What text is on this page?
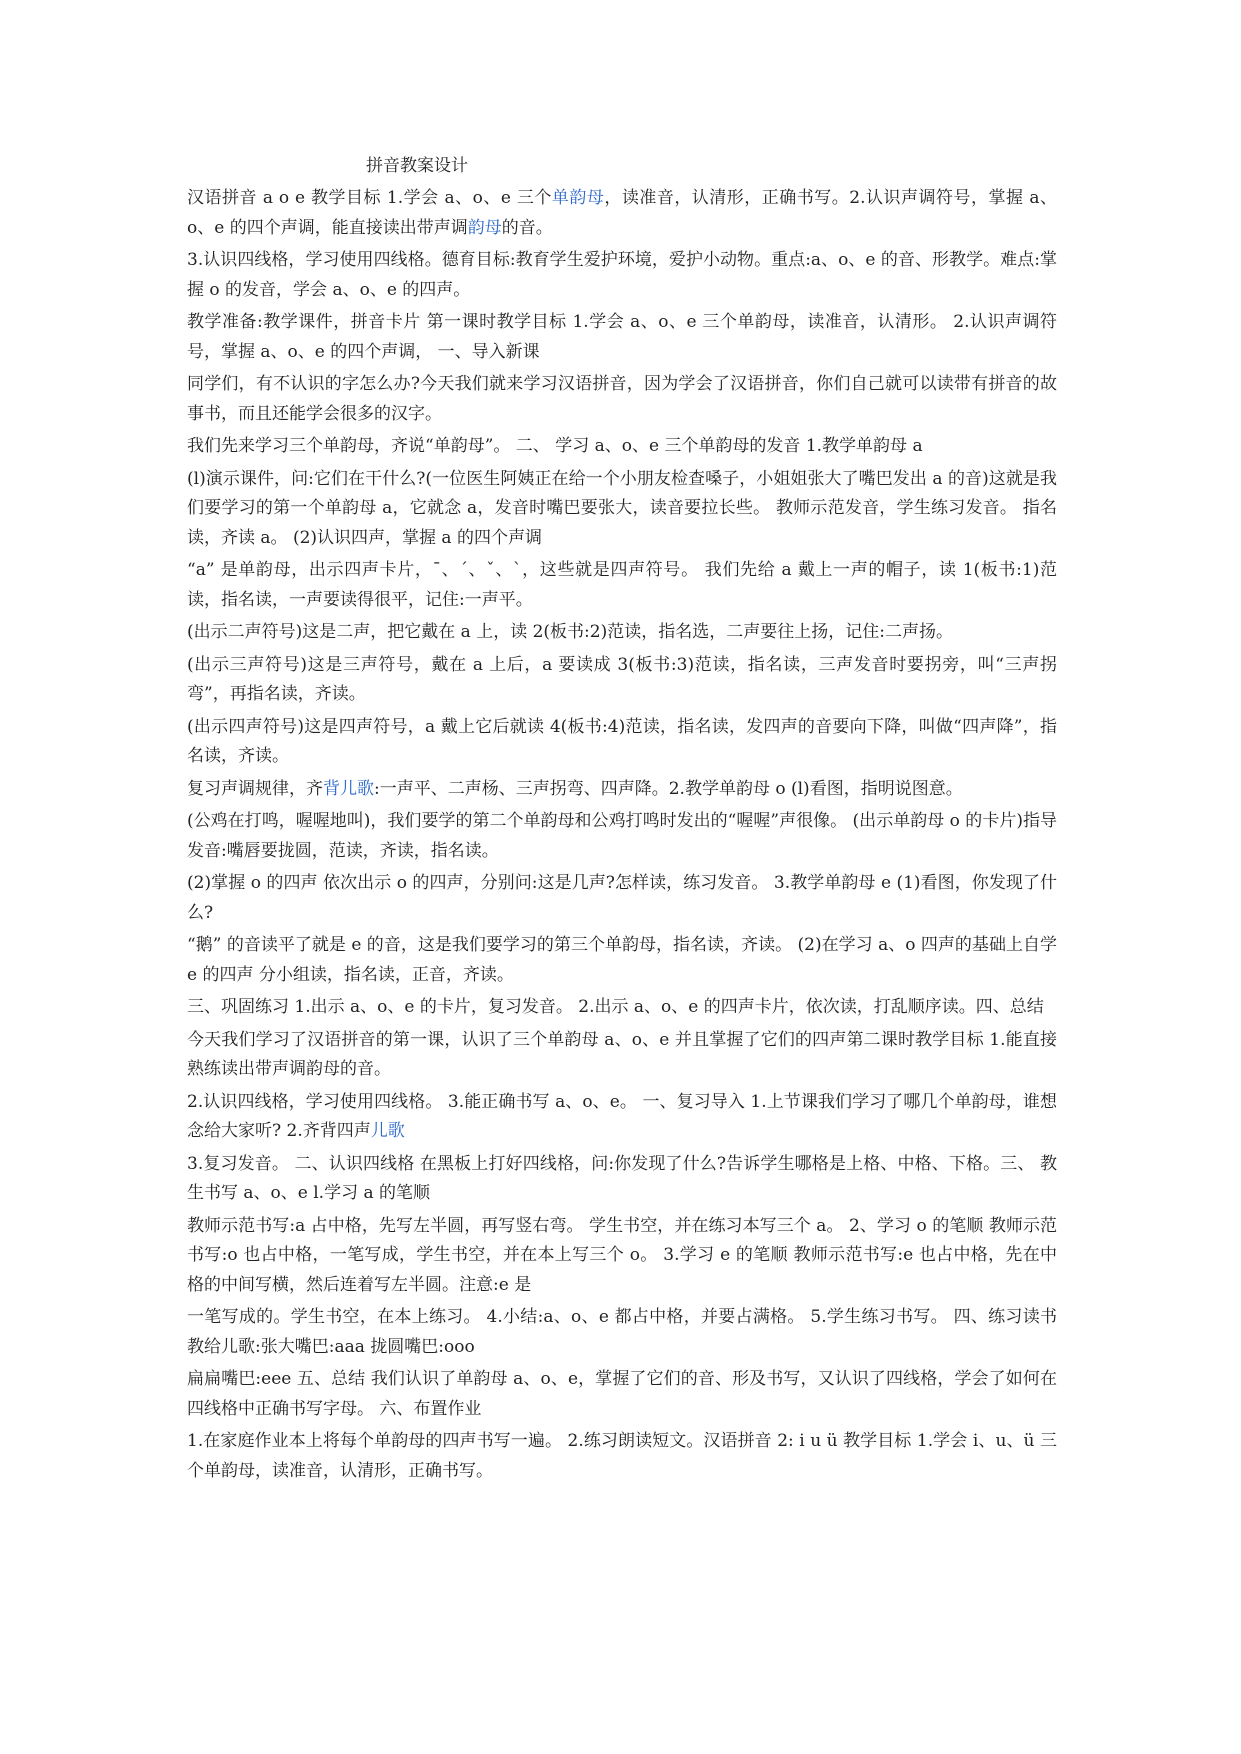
拼音教案设计

汉语拼音 a o e 教学目标 1.学会 a、o、e 三个单韵母，读准音，认清形，正确书写。2.认识声调符号，掌握 a、o、e 的四个声调，能直接读出带声调韵母的音。

3.认识四线格，学习使用四线格。德育目标:教育学生爱护环境，爱护小动物。重点:a、o、e 的音、形教学。难点:掌握 o 的发音，学会 a、o、e 的四声。

教学准备:教学课件，拼音卡片 第一课时教学目标 1.学会 a、o、e 三个单韵母，读准音，认清形。 2.认识声调符号，掌握 a、o、e 的四个声调， 一、导入新课

同学们，有不认识的字怎么办?今天我们就来学习汉语拼音，因为学会了汉语拼音，你们自己就可以读带有拼音的故事书，而且还能学会很多的汉字。

我们先来学习三个单韵母，齐说“单韵母”。 二、 学习 a、o、e 三个单韵母的发音 1.教学单韵母 a

(l)演示课件，问:它们在干什么?(一位医生阿姨正在给一个小朋友检查嗓子，小姐姐张大了嘴巴发出 a 的音)这就是我们要学习的第一个单韵母 a，它就念 a，发音时嘴巴要张大，读音要拉长些。 教师示范发音，学生练习发音。 指名读，齐读 a。 (2)认识四声，掌握 a 的四个声调

“a” 是单韵母，出示四声卡片，ˉ、ˊ、ˇ、ˋ，这些就是四声符号。 我们先给 a 戴上一声的帽子，读 1(板书:1)范读，指名读，一声要读得很平，记住:一声平。

(出示二声符号)这是二声，把它戴在 a 上，读 2(板书:2)范读，指名选，二声要往上扬，记住:二声扬。

(出示三声符号)这是三声符号，戴在 a 上后，a 要读成 3(板书:3)范读，指名读，三声发音时要拐旁，叫“三声拐弯”，再指名读，齐读。

(出示四声符号)这是四声符号，a 戴上它后就读 4(板书:4)范读，指名读，发四声的音要向下降，叫做“四声降”，指名读，齐读。

复习声调规律，齐背儿歌:一声平、二声杨、三声拐弯、四声降。2.教学单韵母 o (l)看图，指明说图意。

(公鸡在打鸣，喔喔地叫)，我们要学的第二个单韵母和公鸡打鸣时发出的“喔喔”声很像。 (出示单韵母 o 的卡片)指导发音:嘴唇要拢圆，范读，齐读，指名读。

(2)掌握 o 的四声 依次出示 o 的四声，分别问:这是几声?怎样读，练习发音。 3.教学单韵母 e (1)看图，你发现了什么?

“鹅” 的音读平了就是 e 的音，这是我们要学习的第三个单韵母，指名读，齐读。 (2)在学习 a、o 四声的基础上自学 e 的四声 分小组读，指名读，正音，齐读。

三、巩固练习 1.出示 a、o、e 的卡片，复习发音。 2.出示 a、o、e 的四声卡片，依次读，打乱顺序读。四、总结

今天我们学习了汉语拼音的第一课，认识了三个单韵母 a、o、e 并且掌握了它们的四声第二课时教学目标 1.能直接熟练读出带声调韵母的音。

2.认识四线格，学习使用四线格。 3.能正确书写 a、o、e。 一、复习导入 1.上节课我们学习了哪几个单韵母，谁想念给大家听? 2.齐背四声儿歌

3.复习发音。 二、认识四线格 在黑板上打好四线格，问:你发现了什么?告诉学生哪格是上格、中格、下格。三、 教生书写 a、o、e l.学习 a 的笔顺

教师示范书写:a 占中格，先写左半圆，再写竖右弯。 学生书空，并在练习本写三个 a。 2、学习 o 的笔顺 教师示范书写:o 也占中格，一笔写成，学生书空，并在本上写三个 o。 3.学习 e 的笔顺 教师示范书写:e 也占中格，先在中格的中间写横，然后连着写左半圆。注意:e 是

一笔写成的。学生书空，在本上练习。 4.小结:a、o、e 都占中格，并要占满格。 5.学生练习书写。 四、练习读书 教给儿歌:张大嘴巴:aaa 拢圆嘴巴:ooo

扁扁嘴巴:eee 五、总结 我们认识了单韵母 a、o、e，掌握了它们的音、形及书写，又认识了四线格，学会了如何在四线格中正确书写字母。 六、布置作业

1.在家庭作业本上将每个单韵母的四声书写一遍。 2.练习朗读短文。汉语拼音 2: i u ü 教学目标 1.学会 i、u、ü 三个单韵母，读准音，认清形，正确书写。
